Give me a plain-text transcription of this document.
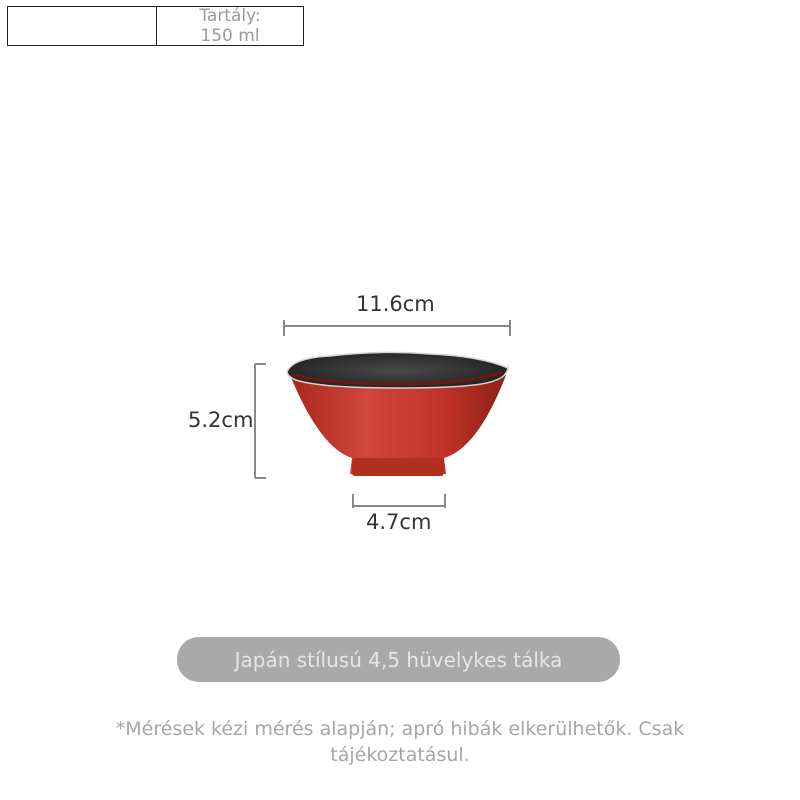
Tartály:
150 ml
11.6cm
5.2cm
4.7cm
Japán stílusú 4,5 hüvelykes tálka
*Mérések kézi mérés alapján; apró hibák elkerülhetők. Csak tájékoztatásul.
